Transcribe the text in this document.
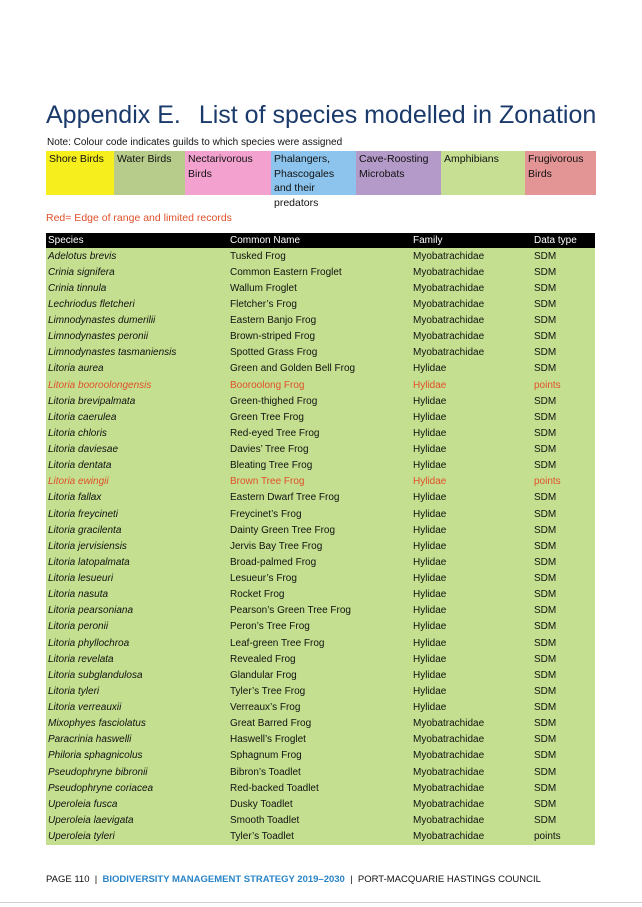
Appendix E. List of species modelled in Zonation
Note: Colour code indicates guilds to which species were assigned
Shore Birds	Water Birds	Nectarivorous Birds
Phalangers, Phascogales and their predators
Cave-Roosting Microbats
Amphibians	Frugivorous Birds
Red= Edge of range and limited records
Species	Common Name	Family	Data type
Adelotus brevis	Tusked Frog	Myobatrachidae	SDM
Crinia signifera	Common Eastern Froglet	Myobatrachidae	SDM
Crinia tinnula	Wallum Froglet	Myobatrachidae	SDM
Lechriodus fletcheri	Fletcher’s Frog	Myobatrachidae	SDM
Limnodynastes dumerilii	Eastern Banjo Frog	Myobatrachidae	SDM
Limnodynastes peronii	Brown-striped Frog	Myobatrachidae	SDM
Limnodynastes tasmaniensis	Spotted Grass Frog	Myobatrachidae	SDM
Litoria aurea	Green and Golden Bell Frog	Hylidae	SDM
Litoria booroolongensis	Booroolong Frog	Hylidae	points
Litoria brevipalmata	Green-thighed Frog	Hylidae	SDM
Litoria caerulea	Green Tree Frog	Hylidae	SDM
Litoria chloris	Red-eyed Tree Frog	Hylidae	SDM
Litoria daviesae	Davies’ Tree Frog	Hylidae	SDM
Litoria dentata	Bleating Tree Frog	Hylidae	SDM
Litoria ewingii	Brown Tree Frog	Hylidae	points
Litoria fallax	Eastern Dwarf Tree Frog	Hylidae	SDM
Litoria freycineti	Freycinet’s Frog	Hylidae	SDM
Litoria gracilenta	Dainty Green Tree Frog	Hylidae	SDM
Litoria jervisiensis	Jervis Bay Tree Frog	Hylidae	SDM
Litoria latopalmata	Broad-palmed Frog	Hylidae	SDM
Litoria lesueuri	Lesueur’s Frog	Hylidae	SDM
Litoria nasuta	Rocket Frog	Hylidae	SDM
Litoria pearsoniana	Pearson’s Green Tree Frog	Hylidae	SDM
Litoria peronii	Peron’s Tree Frog	Hylidae	SDM
Litoria phyllochroa	Leaf-green Tree Frog	Hylidae	SDM
Litoria revelata	Revealed Frog	Hylidae	SDM
Litoria subglandulosa	Glandular Frog	Hylidae	SDM
Litoria tyleri	Tyler’s Tree Frog	Hylidae	SDM
Litoria verreauxii	Verreaux’s Frog	Hylidae	SDM
Mixophyes fasciolatus	Great Barred Frog	Myobatrachidae	SDM
Paracrinia haswelli	Haswell’s Froglet	Myobatrachidae	SDM
Philoria sphagnicolus	Sphagnum Frog	Myobatrachidae	SDM
Pseudophryne bibronii	Bibron’s Toadlet	Myobatrachidae	SDM
Pseudophryne coriacea	Red-backed Toadlet	Myobatrachidae	SDM
Uperoleia fusca	Dusky Toadlet	Myobatrachidae	SDM
Uperoleia laevigata	Smooth Toadlet	Myobatrachidae	SDM
Uperoleia tyleri	Tyler’s Toadlet	Myobatrachidae	points
PAGE 110 | BIODIVERSITY MANAGEMENT STRATEGY 2019–2030 | PORT-MACQUARIE HASTINGS COUNCIL
